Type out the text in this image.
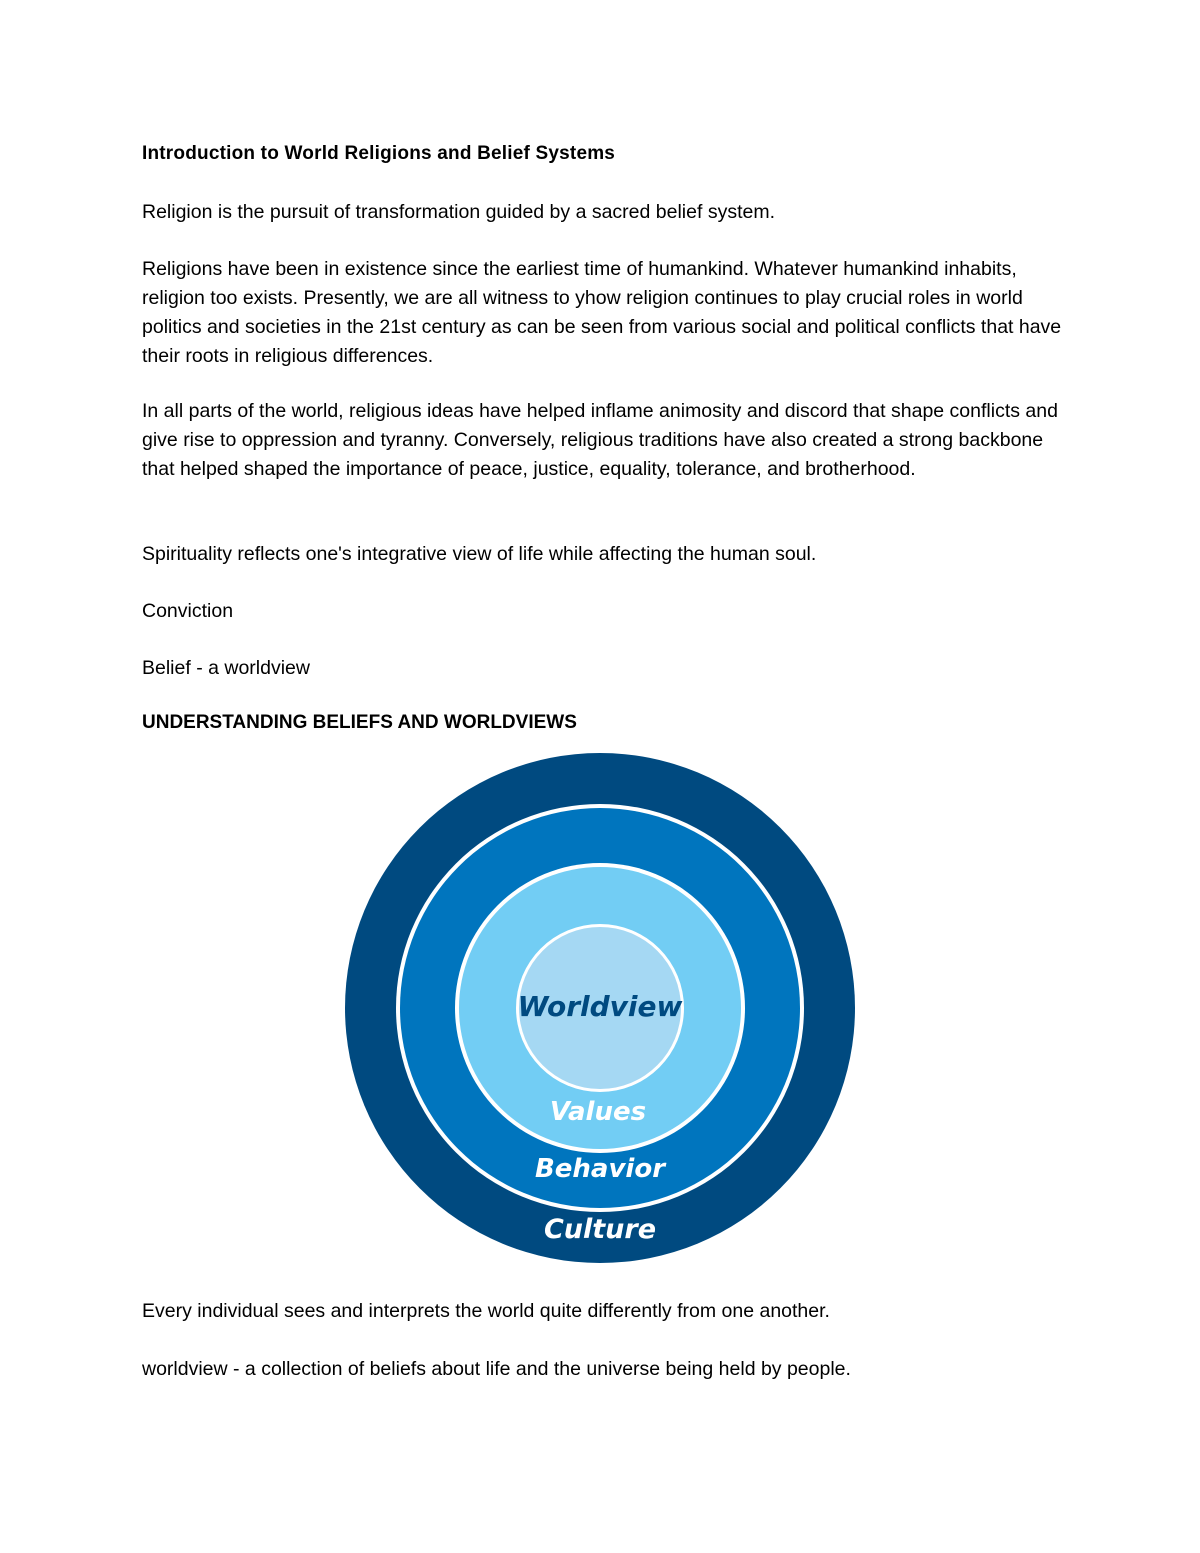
Introduction to World Religions and Belief Systems

Religion is the pursuit of transformation guided by a sacred belief system.

Religions have been in existence since the earliest time of humankind. Whatever humankind inhabits, religion too exists. Presently, we are all witness to yhow religion continues to play crucial roles in world politics and societies in the 21st century as can be seen from various social and political conflicts that have their roots in religious differences.

In all parts of the world, religious ideas have helped inflame animosity and discord that shape conflicts and give rise to oppression and tyranny. Conversely, religious traditions have also created a strong backbone that helped shaped the importance of peace, justice, equality, tolerance, and brotherhood.

Spirituality reflects one's integrative view of life while affecting the human soul.

Conviction

Belief - a worldview

UNDERSTANDING BELIEFS AND WORLDVIEWS

Worldview
Values
Behavior
Culture

Every individual sees and interprets the world quite differently from one another.

worldview - a collection of beliefs about life and the universe being held by people.
